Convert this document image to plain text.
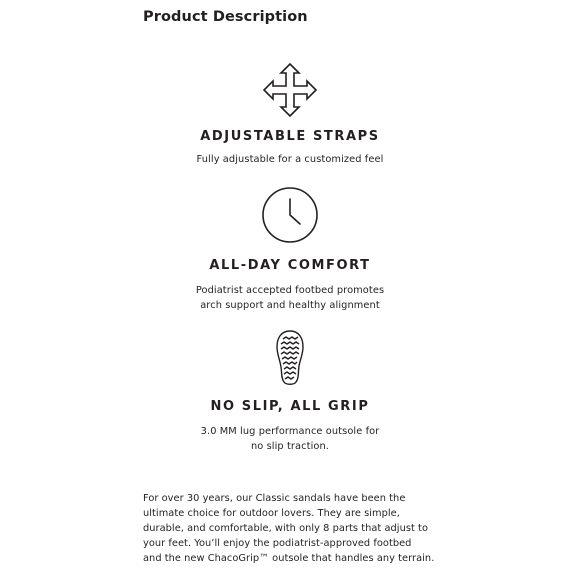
Product Description
ADJUSTABLE STRAPS

Fully adjustable for a customized feel

ALL-DAY COMFORT

Podiatrist accepted footbed promotes
arch support and healthy alignment

NO SLIP, ALL GRIP

3.0 MM lug performance outsole for
no slip traction.

For over 30 years, our Classic sandals have been the
ultimate choice for outdoor lovers. They are simple,
durable, and comfortable, with only 8 parts that adjust to
your feet. You’ll enjoy the podiatrist-approved footbed
and the new ChacoGrip™ outsole that handles any terrain.
